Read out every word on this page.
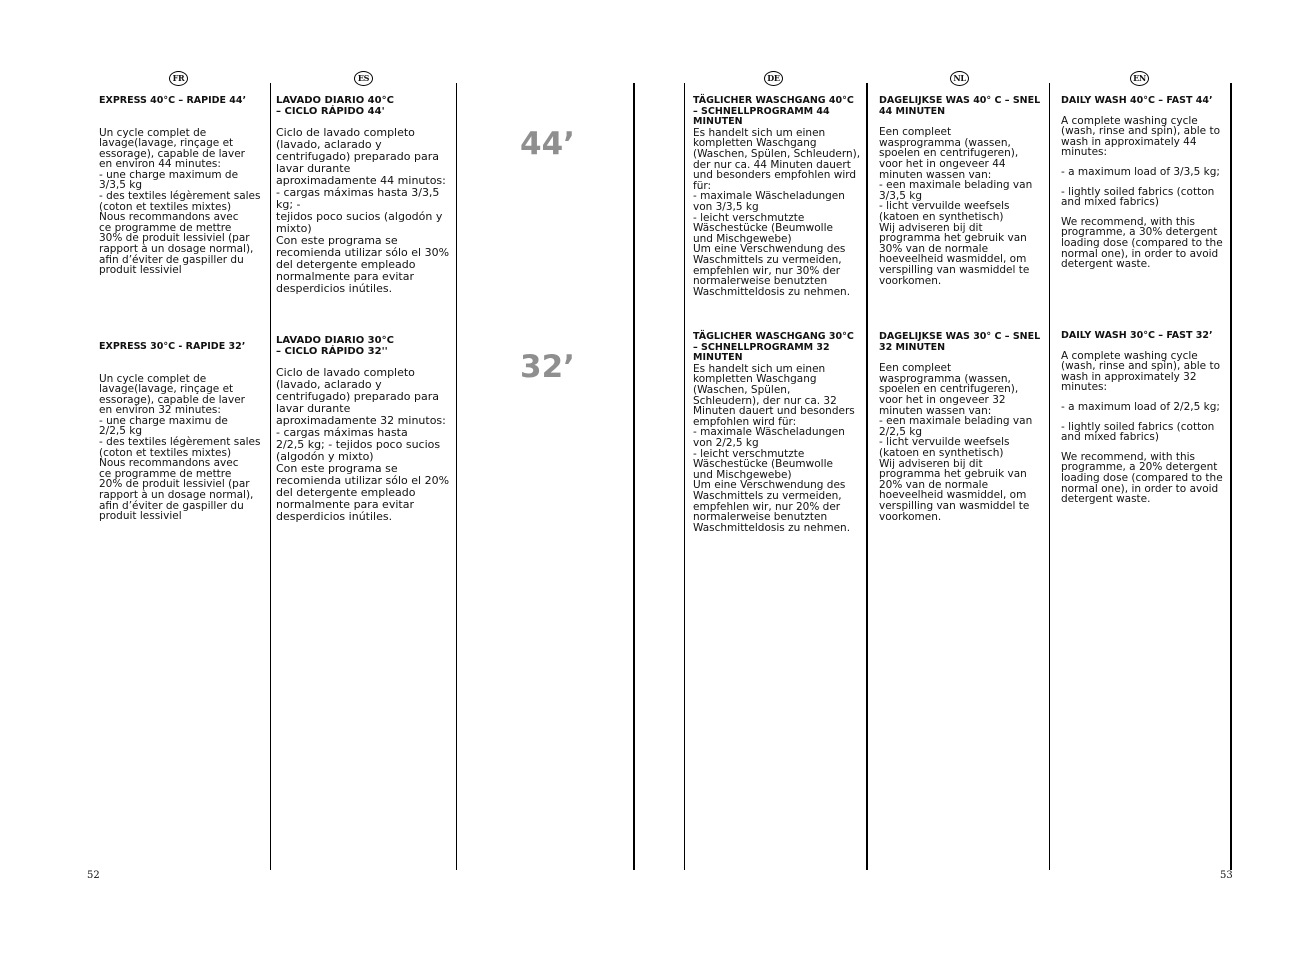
FR	ES	DE	NL	EN

EXPRESS 40°C – RAPIDE 44’

Un cycle complet de
lavage(lavage, rinçage et
essorage), capable de laver
en environ 44 minutes:
- une charge maximum de
3/3,5 kg
- des textiles légèrement sales
(coton et textiles mixtes)
Nous recommandons avec
ce programme de mettre
30% de produit lessiviel (par
rapport à un dosage normal),
afin d’éviter de gaspiller du
produit lessiviel

EXPRESS 30°C - RAPIDE 32’

Un cycle complet de
lavage(lavage, rinçage et
essorage), capable de laver
en environ 32 minutes:
- une charge maximu de
2/2,5 kg
- des textiles légèrement sales
(coton et textiles mixtes)
Nous recommandons avec
ce programme de mettre
20% de produit lessiviel (par
rapport à un dosage normal),
afin d’éviter de gaspiller du
produit lessiviel

LAVADO DIARIO 40°C
– CICLO RÁPIDO 44'

Ciclo de lavado completo
(lavado, aclarado y
centrifugado) preparado para
lavar durante
aproximadamente 44 minutos:
- cargas máximas hasta 3/3,5
kg; -
tejidos poco sucios (algodón y
mixto)
Con este programa se
recomienda utilizar sólo el 30%
del detergente empleado
normalmente para evitar
desperdicios inútiles.

LAVADO DIARIO 30°C
– CICLO RÁPIDO 32''

Ciclo de lavado completo
(lavado, aclarado y
centrifugado) preparado para
lavar durante
aproximadamente 32 minutos:
- cargas máximas hasta
2/2,5 kg; - tejidos poco sucios
(algodón y mixto)
Con este programa se
recomienda utilizar sólo el 20%
del detergente empleado
normalmente para evitar
desperdicios inútiles.

44’
32’

TÄGLICHER WASCHGANG 40°C
– SCHNELLPROGRAMM 44
MINUTEN

Es handelt sich um einen
kompletten Waschgang
(Waschen, Spülen, Schleudern),
der nur ca. 44 Minuten dauert
und besonders empfohlen wird
für:
- maximale Wäscheladungen
von 3/3,5 kg
- leicht verschmutzte
Wäschestücke (Beumwolle
und Mischgewebe)
Um eine Verschwendung des
Waschmittels zu vermeiden,
empfehlen wir, nur 30% der
normalerweise benutzten
Waschmitteldosis zu nehmen.

TÄGLICHER WASCHGANG 30°C
– SCHNELLPROGRAMM 32
MINUTEN

Es handelt sich um einen
kompletten Waschgang
(Waschen, Spülen,
Schleudern), der nur ca. 32
Minuten dauert und besonders
empfohlen wird für:
- maximale Wäscheladungen
von 2/2,5 kg
- leicht verschmutzte
Wäschestücke (Beumwolle
und Mischgewebe)
Um eine Verschwendung des
Waschmittels zu vermeiden,
empfehlen wir, nur 20% der
normalerweise benutzten
Waschmitteldosis zu nehmen.

DAGELIJKSE WAS 40° C – SNEL
44 MINUTEN

Een compleet
wasprogramma (wassen,
spoelen en centrifugeren),
voor het in ongeveer 44
minuten wassen van:
- een maximale belading van
3/3,5 kg
- licht vervuilde weefsels
(katoen en synthetisch)
Wij adviseren bij dit
programma het gebruik van
30% van de normale
hoeveelheid wasmiddel, om
verspilling van wasmiddel te
voorkomen.

DAGELIJKSE WAS 30° C – SNEL
32 MINUTEN

Een compleet
wasprogramma (wassen,
spoelen en centrifugeren),
voor het in ongeveer 32
minuten wassen van:
- een maximale belading van
2/2,5 kg
- licht vervuilde weefsels
(katoen en synthetisch)
Wij adviseren bij dit
programma het gebruik van
20% van de normale
hoeveelheid wasmiddel, om
verspilling van wasmiddel te
voorkomen.

DAILY WASH 40°C – FAST 44’

A complete washing cycle (wash, rinse and spin), able to wash in approximately 44 minutes:

- a maximum load of 3/3,5 kg;

- lightly soiled fabrics (cotton and mixed fabrics)

We recommend, with this programme, a 30% detergent loading dose (compared to the normal one), in order to avoid detergent waste.

DAILY WASH 30°C – FAST 32’

A complete washing cycle (wash, rinse and spin), able to wash in approximately 32 minutes:

- a maximum load of 2/2,5 kg;

- lightly soiled fabrics (cotton and mixed fabrics)

We recommend, with this programme, a 20% detergent loading dose (compared to the normal one), in order to avoid detergent waste.

52	53
